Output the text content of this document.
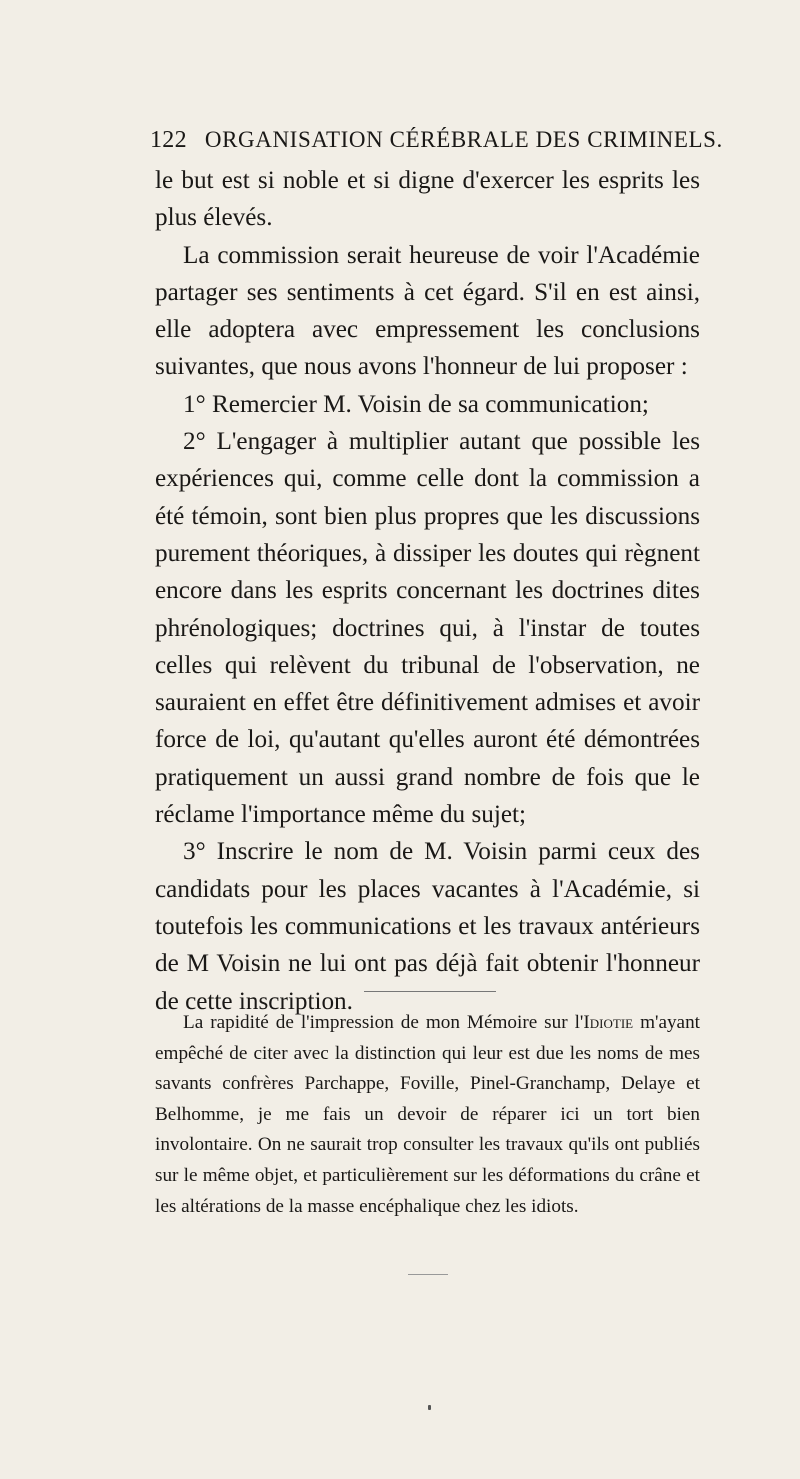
122 ORGANISATION CÉRÉBRALE DES CRIMINELS.

le but est si noble et si digne d'exercer les esprits les plus élevés.

La commission serait heureuse de voir l'Académie partager ses sentiments à cet égard. S'il en est ainsi, elle adoptera avec empressement les conclusions suivantes, que nous avons l'honneur de lui proposer :

1° Remercier M. Voisin de sa communication;

2° L'engager à multiplier autant que possible les expériences qui, comme celle dont la commission a été témoin, sont bien plus propres que les discussions purement théoriques, à dissiper les doutes qui règnent encore dans les esprits concernant les doctrines dites phrénologiques; doctrines qui, à l'instar de toutes celles qui relèvent du tribunal de l'observation, ne sauraient en effet être définitivement admises et avoir force de loi, qu'autant qu'elles auront été démontrées pratiquement un aussi grand nombre de fois que le réclame l'importance même du sujet;

3° Inscrire le nom de M. Voisin parmi ceux des candidats pour les places vacantes à l'Académie, si toutefois les communications et les travaux antérieurs de M Voisin ne lui ont pas déjà fait obtenir l'honneur de cette inscription.

La rapidité de l'impression de mon Mémoire sur l'Idiotie m'ayant empêché de citer avec la distinction qui leur est due les noms de mes savants confrères Parchappe, Foville, Pinel-Granchamp, Delaye et Belhomme, je me fais un devoir de réparer ici un tort bien involontaire. On ne saurait trop consulter les travaux qu'ils ont publiés sur le même objet, et particulièrement sur les déformations du crâne et les altérations de la masse encéphalique chez les idiots.
